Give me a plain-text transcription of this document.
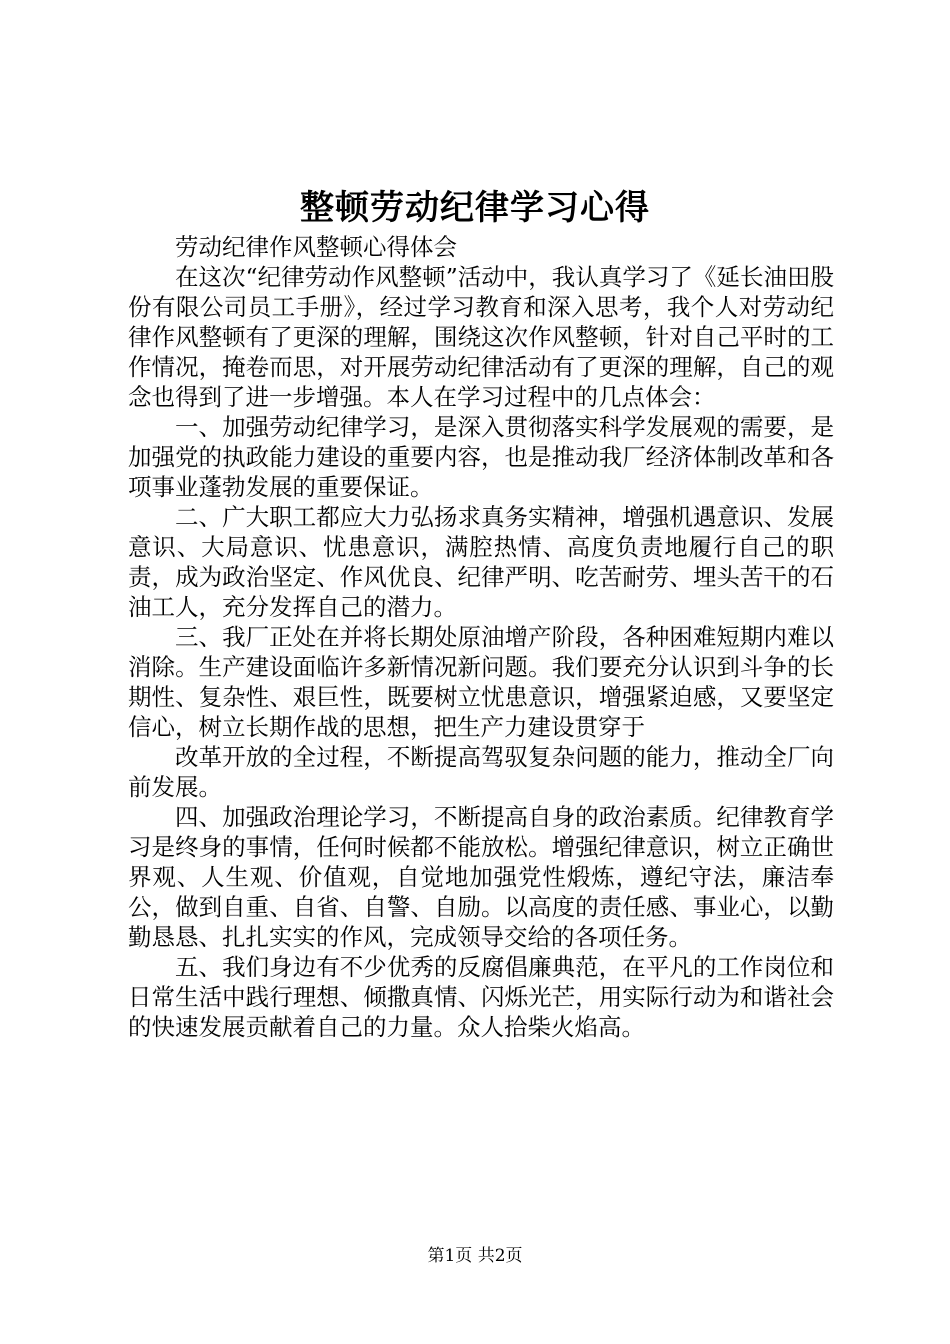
整顿劳动纪律学习心得

劳动纪律作风整顿心得体会

在这次“纪律劳动作风整顿”活动中，我认真学习了《延长油田股份有限公司员工手册》，经过学习教育和深入思考，我个人对劳动纪律作风整顿有了更深的理解，围绕这次作风整顿，针对自己平时的工作情况，掩卷而思，对开展劳动纪律活动有了更深的理解，自己的观念也得到了进一步增强。本人在学习过程中的几点体会：

一、加强劳动纪律学习，是深入贯彻落实科学发展观的需要，是加强党的执政能力建设的重要内容，也是推动我厂经济体制改革和各项事业蓬勃发展的重要保证。

二、广大职工都应大力弘扬求真务实精神，增强机遇意识、发展意识、大局意识、忧患意识，满腔热情、高度负责地履行自己的职责，成为政治坚定、作风优良、纪律严明、吃苦耐劳、埋头苦干的石油工人，充分发挥自己的潜力。

三、我厂正处在并将长期处原油增产阶段，各种困难短期内难以消除。生产建设面临许多新情况新问题。我们要充分认识到斗争的长期性、复杂性、艰巨性，既要树立忧患意识，增强紧迫感，又要坚定信心，树立长期作战的思想，把生产力建设贯穿于

改革开放的全过程，不断提高驾驭复杂问题的能力，推动全厂向前发展。

四、加强政治理论学习，不断提高自身的政治素质。纪律教育学习是终身的事情，任何时候都不能放松。增强纪律意识，树立正确世界观、人生观、价值观，自觉地加强党性煅炼，遵纪守法，廉洁奉公，做到自重、自省、自警、自励。以高度的责任感、事业心，以勤勤恳恳、扎扎实实的作风，完成领导交给的各项任务。

五、我们身边有不少优秀的反腐倡廉典范，在平凡的工作岗位和日常生活中践行理想、倾撒真情、闪烁光芒，用实际行动为和谐社会的快速发展贡献着自己的力量。众人拾柴火焰高。

第1页 共2页
